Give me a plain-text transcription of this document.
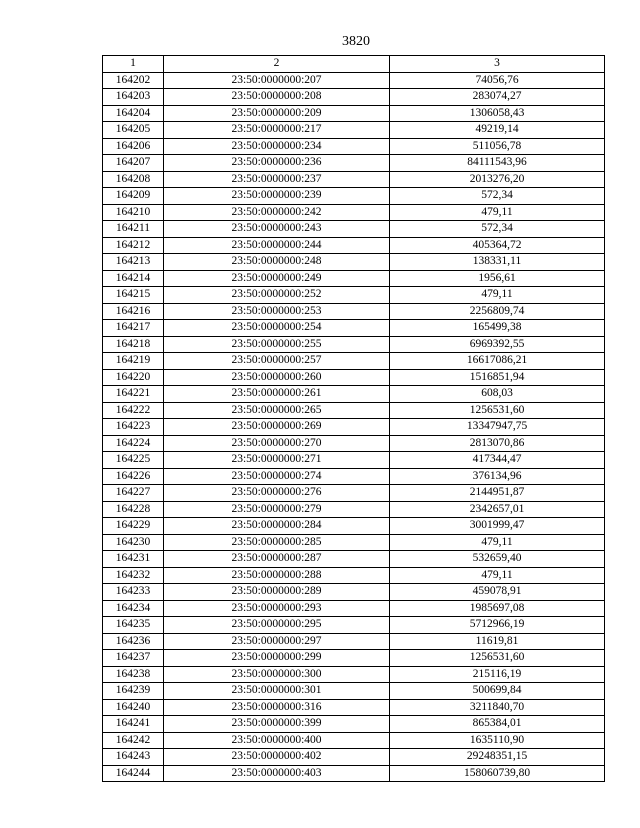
3820
1	2	3
164202	23:50:0000000:207	74056,76
164203	23:50:0000000:208	283074,27
164204	23:50:0000000:209	1306058,43
164205	23:50:0000000:217	49219,14
164206	23:50:0000000:234	511056,78
164207	23:50:0000000:236	84111543,96
164208	23:50:0000000:237	2013276,20
164209	23:50:0000000:239	572,34
164210	23:50:0000000:242	479,11
164211	23:50:0000000:243	572,34
164212	23:50:0000000:244	405364,72
164213	23:50:0000000:248	138331,11
164214	23:50:0000000:249	1956,61
164215	23:50:0000000:252	479,11
164216	23:50:0000000:253	2256809,74
164217	23:50:0000000:254	165499,38
164218	23:50:0000000:255	6969392,55
164219	23:50:0000000:257	16617086,21
164220	23:50:0000000:260	1516851,94
164221	23:50:0000000:261	608,03
164222	23:50:0000000:265	1256531,60
164223	23:50:0000000:269	13347947,75
164224	23:50:0000000:270	2813070,86
164225	23:50:0000000:271	417344,47
164226	23:50:0000000:274	376134,96
164227	23:50:0000000:276	2144951,87
164228	23:50:0000000:279	2342657,01
164229	23:50:0000000:284	3001999,47
164230	23:50:0000000:285	479,11
164231	23:50:0000000:287	532659,40
164232	23:50:0000000:288	479,11
164233	23:50:0000000:289	459078,91
164234	23:50:0000000:293	1985697,08
164235	23:50:0000000:295	5712966,19
164236	23:50:0000000:297	11619,81
164237	23:50:0000000:299	1256531,60
164238	23:50:0000000:300	215116,19
164239	23:50:0000000:301	500699,84
164240	23:50:0000000:316	3211840,70
164241	23:50:0000000:399	865384,01
164242	23:50:0000000:400	1635110,90
164243	23:50:0000000:402	29248351,15
164244	23:50:0000000:403	158060739,80
